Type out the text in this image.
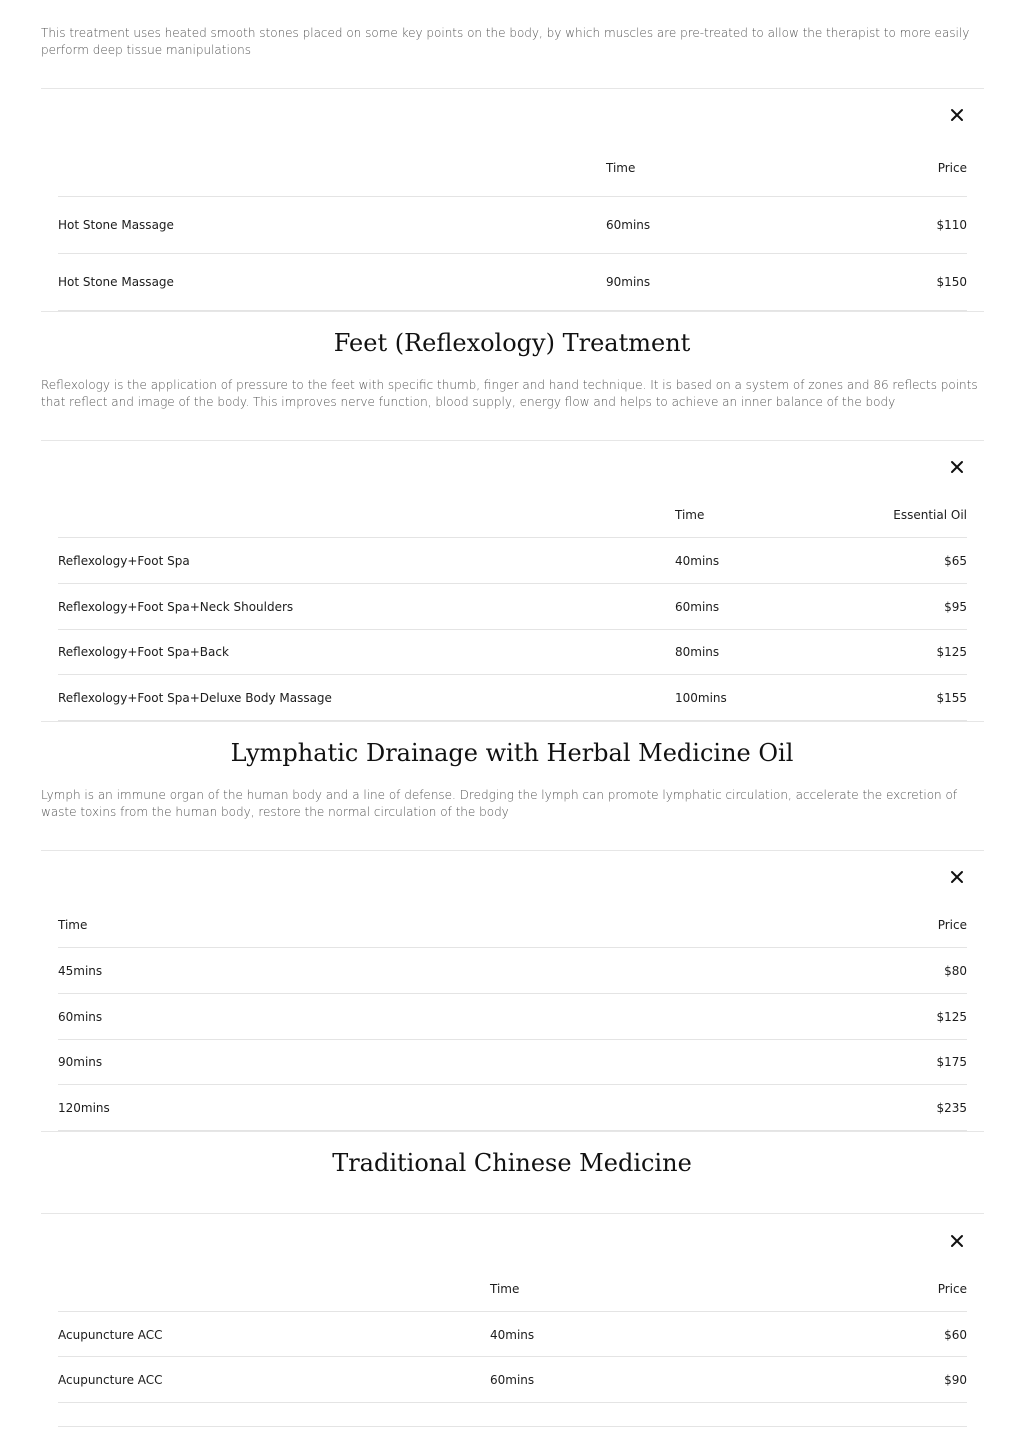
This treatment uses heated smooth stones placed on some key points on the body, by which muscles are pre-treated to allow the therapist to more easily perform deep tissue manipulations
Time	Price
Hot Stone Massage	60mins	$110
Hot Stone Massage	90mins	$150
Feet (Reflexology) Treatment
Reflexology is the application of pressure to the feet with specific thumb, finger and hand technique. It is based on a system of zones and 86 reflects points that reflect and image of the body. This improves nerve function, blood supply, energy flow and helps to achieve an inner balance of the body
Time	Essential Oil
Reflexology+Foot Spa	40mins	$65
Reflexology+Foot Spa+Neck Shoulders	60mins	$95
Reflexology+Foot Spa+Back	80mins	$125
Reflexology+Foot Spa+Deluxe Body Massage	100mins	$155
Lymphatic Drainage with Herbal Medicine Oil
Lymph is an immune organ of the human body and a line of defense. Dredging the lymph can promote lymphatic circulation, accelerate the excretion of waste toxins from the human body, restore the normal circulation of the body
Time	Price
45mins	$80
60mins	$125
90mins	$175
120mins	$235
Traditional Chinese Medicine
Time	Price
Acupuncture ACC	40mins	$60
Acupuncture ACC	60mins	$90
